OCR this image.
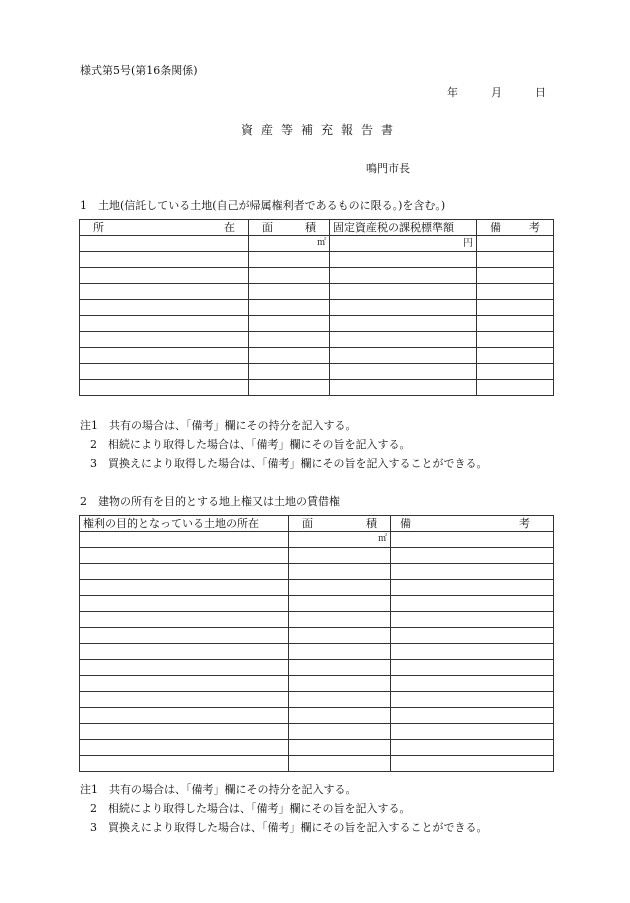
様式第5号(第16条関係)
年	月	日
資産等補充報告書
鳴門市長
1　土地(信託している土地(自己が帰属権利者であるものに限る。)を含む。)
所 在	面 積	固定資産税の課税標準額	備 考

	㎡	円	

注1　共有の場合は、「備考」欄にその持分を記入する。
2　相続により取得した場合は、「備考」欄にその旨を記入する。
3　買換えにより取得した場合は、「備考」欄にその旨を記入することができる。
2　建物の所有を目的とする地上権又は土地の賃借権
権利の目的となっている土地の所在	面 積	備 考

	㎡	

注1　共有の場合は、「備考」欄にその持分を記入する。
2　相続により取得した場合は、「備考」欄にその旨を記入する。
3　買換えにより取得した場合は、「備考」欄にその旨を記入することができる。
